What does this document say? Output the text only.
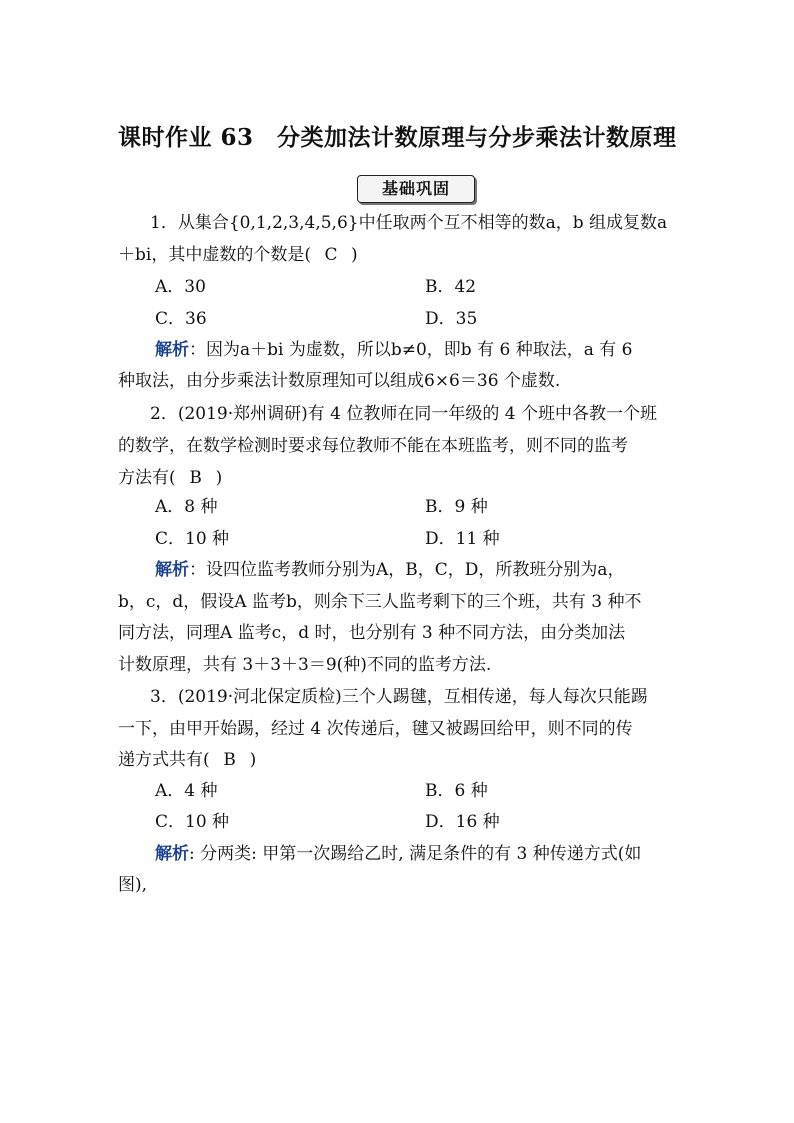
课时作业 63　分类加法计数原理与分步乘法计数原理
基础巩固
1．从集合{0,1,2,3,4,5,6}中任取两个互不相等的数a，b 组成复数a
＋bi，其中虚数的个数是( C )
A．30	B．42
C．36	D．35
解析：因为a＋bi 为虚数，所以b≠0，即b 有 6 种取法，a 有 6
种取法，由分步乘法计数原理知可以组成6×6＝36 个虚数.
2．(2019·郑州调研)有 4 位教师在同一年级的 4 个班中各教一个班
的数学，在数学检测时要求每位教师不能在本班监考，则不同的监考
方法有( B )
A．8 种	B．9 种
C．10 种	D．11 种
解析：设四位监考教师分别为A，B，C，D，所教班分别为a，
b，c，d，假设A 监考b，则余下三人监考剩下的三个班，共有 3 种不
同方法，同理A 监考c，d 时，也分别有 3 种不同方法，由分类加法
计数原理，共有 3＋3＋3＝9(种)不同的监考方法.
3．(2019·河北保定质检)三个人踢毽，互相传递，每人每次只能踢
一下，由甲开始踢，经过 4 次传递后，毽又被踢回给甲，则不同的传
递方式共有( B )
A．4 种	B．6 种
C．10 种	D．16 种
解析: 分两类: 甲第一次踢给乙时, 满足条件的有 3 种传递方式(如
图),
